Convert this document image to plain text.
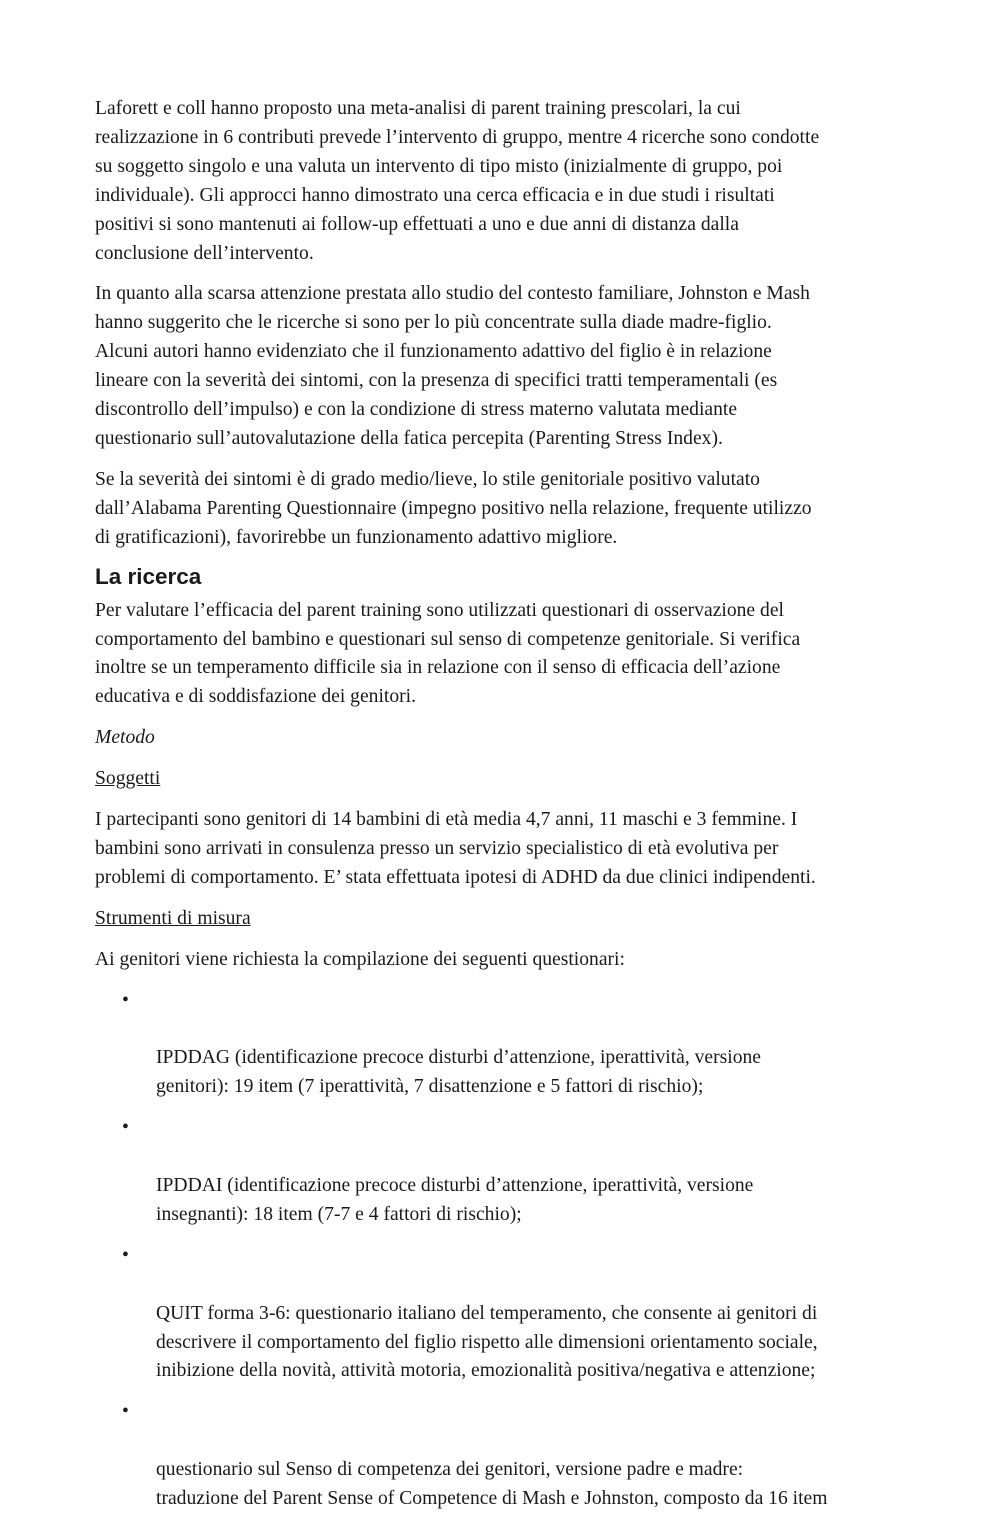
Laforett e coll hanno proposto una meta-analisi di parent training prescolari, la cui
realizzazione in 6 contributi prevede l’intervento di gruppo, mentre 4 ricerche sono condotte
su soggetto singolo e una valuta un intervento di tipo misto (inizialmente di gruppo, poi
individuale). Gli approcci hanno dimostrato una cerca efficacia e in due studi i risultati
positivi si sono mantenuti ai follow-up effettuati a uno e due anni di distanza dalla
conclusione dell’intervento.

In quanto alla scarsa attenzione prestata allo studio del contesto familiare, Johnston e Mash
hanno suggerito che le ricerche si sono per lo più concentrate sulla diade madre-figlio.
Alcuni autori hanno evidenziato che il funzionamento adattivo del figlio è in relazione
lineare con la severità dei sintomi, con la presenza di specifici tratti temperamentali (es
discontrollo dell’impulso) e con la condizione di stress materno valutata mediante
questionario sull’autovalutazione della fatica percepita (Parenting Stress Index).

Se la severità dei sintomi è di grado medio/lieve, lo stile genitoriale positivo valutato
dall’Alabama Parenting Questionnaire (impegno positivo nella relazione, frequente utilizzo
di gratificazioni), favorirebbe un funzionamento adattivo migliore.

La ricerca

Per valutare l’efficacia del parent training sono utilizzati questionari di osservazione del
comportamento del bambino e questionari sul senso di competenze genitoriale. Si verifica
inoltre se un temperamento difficile sia in relazione con il senso di efficacia dell’azione
educativa e di soddisfazione dei genitori.

Metodo

Soggetti

I partecipanti sono genitori di 14 bambini di età media 4,7 anni, 11 maschi e 3 femmine. I
bambini sono arrivati in consulenza presso un servizio specialistico di età evolutiva per
problemi di comportamento. E’ stata effettuata ipotesi di ADHD da due clinici indipendenti.

Strumenti di misura

Ai genitori viene richiesta la compilazione dei seguenti questionari:

•

IPDDAG (identificazione precoce disturbi d’attenzione, iperattività, versione
genitori): 19 item (7 iperattività, 7 disattenzione e 5 fattori di rischio);

•

IPDDAI (identificazione precoce disturbi d’attenzione, iperattività, versione
insegnanti): 18 item (7-7 e 4 fattori di rischio);

•

QUIT forma 3-6: questionario italiano del temperamento, che consente ai genitori di
descrivere il comportamento del figlio rispetto alle dimensioni orientamento sociale,
inibizione della novità, attività motoria, emozionalità positiva/negativa e attenzione;

•

questionario sul Senso di competenza dei genitori, versione padre e madre:
traduzione del Parent Sense of Competence di Mash e Johnston, composto da 16 item
